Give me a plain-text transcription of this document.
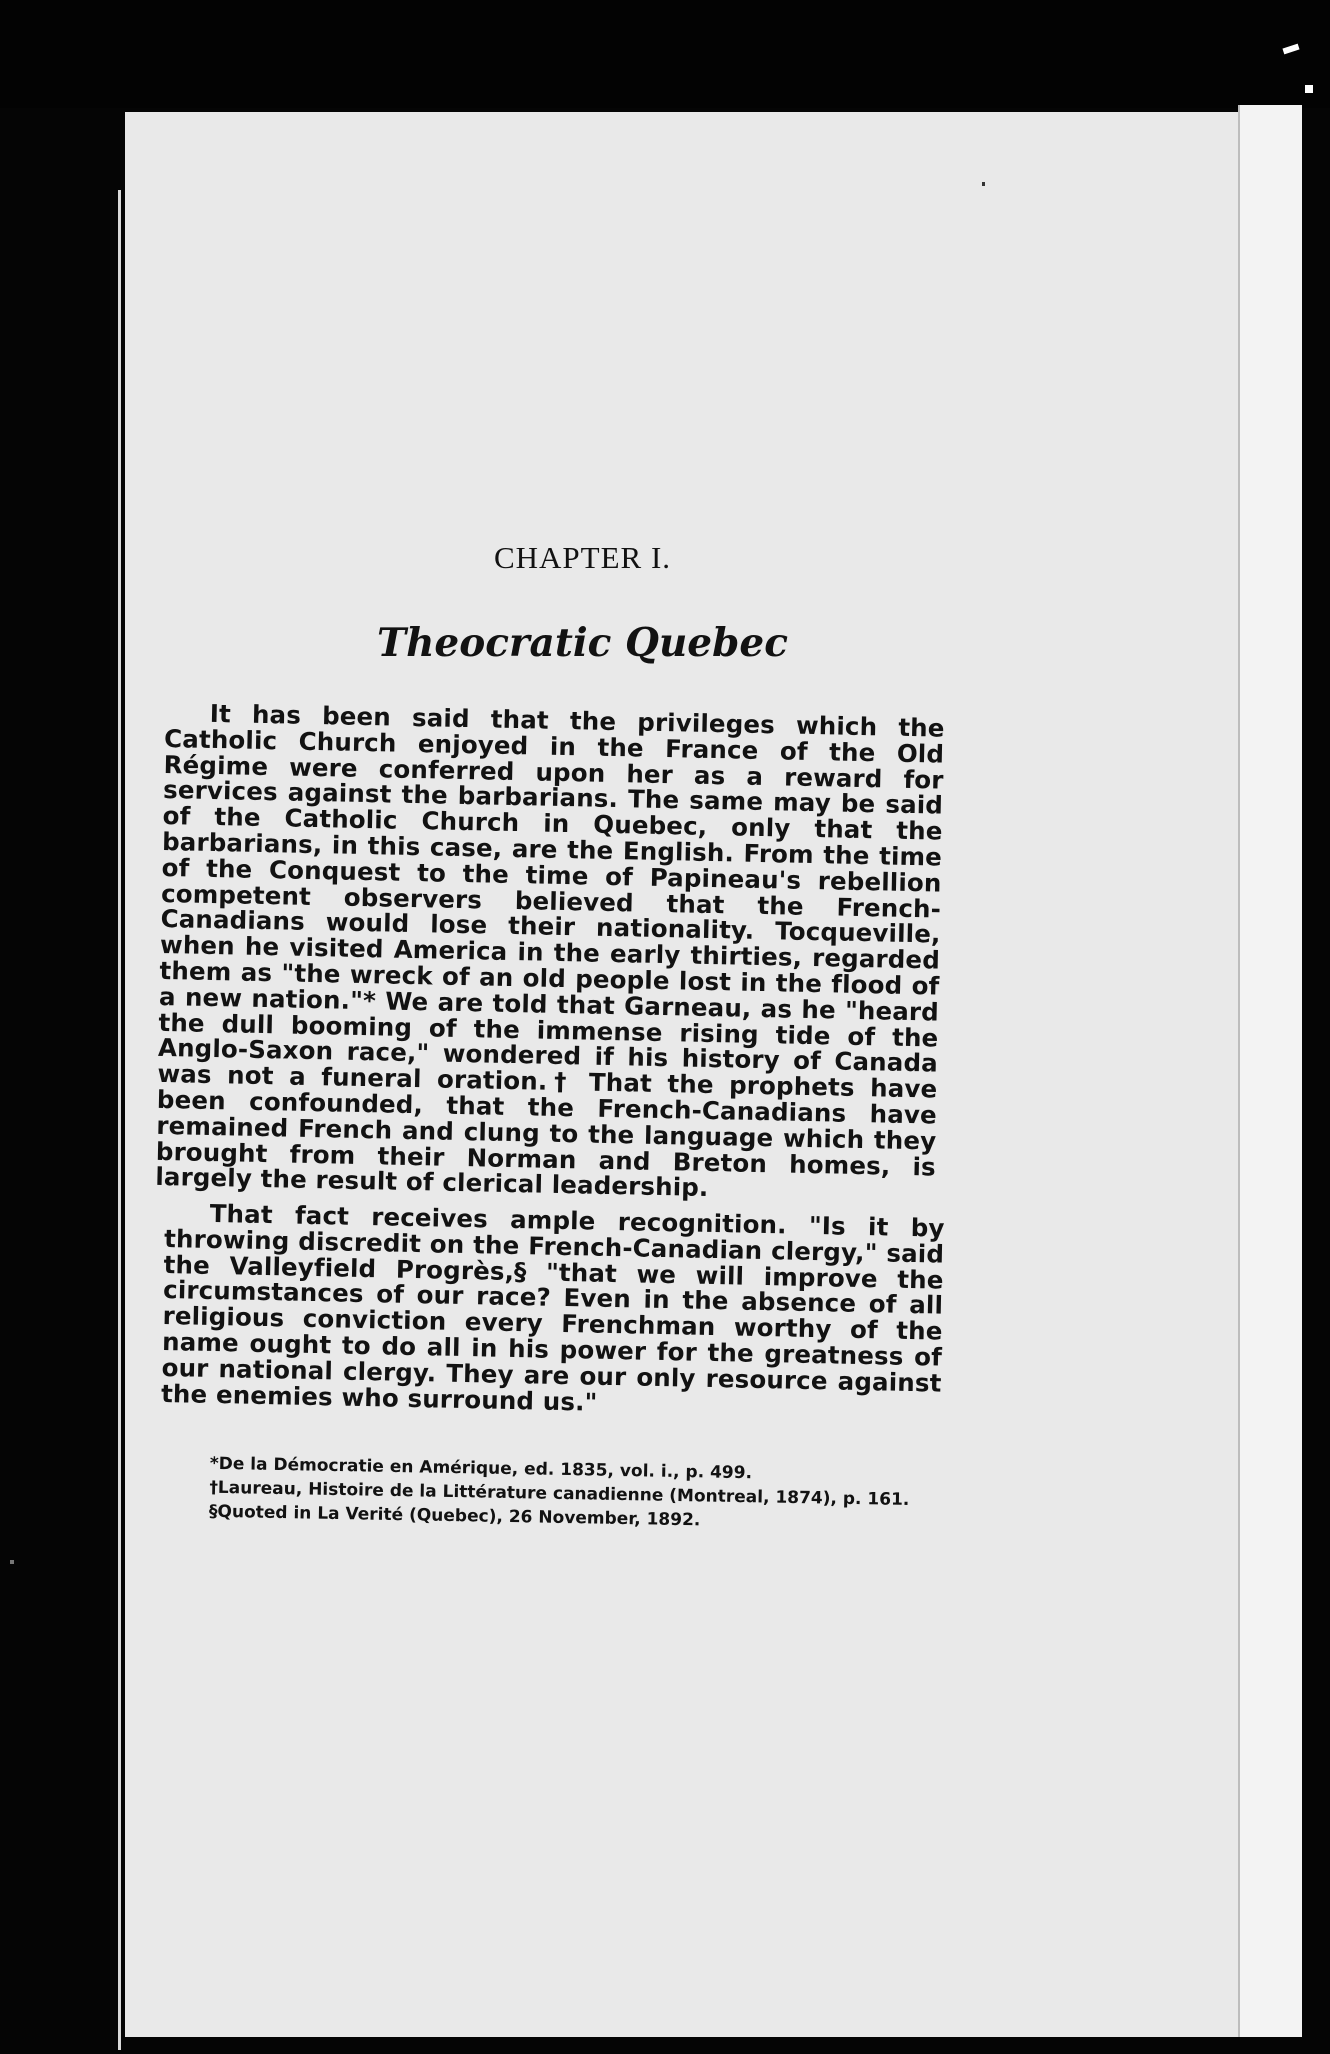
CHAPTER I.
Theocratic Quebec

It has been said that the privileges which the Catholic Church enjoyed in the France of the Old Régime were conferred upon her as a reward for services against the barbarians. The same may be said of the Catholic Church in Quebec, only that the barbarians, in this case, are the English. From the time of the Conquest to the time of Papineau's rebellion competent observers believed that the French-Canadians would lose their nationality. Tocqueville, when he visited America in the early thirties, regarded them as "the wreck of an old people lost in the flood of a new nation."* We are told that Garneau, as he "heard the dull booming of the immense rising tide of the Anglo-Saxon race," wondered if his history of Canada was not a funeral oration.† That the prophets have been confounded, that the French-Canadians have remained French and clung to the language which they brought from their Norman and Breton homes, is largely the result of clerical leadership.

That fact receives ample recognition. "Is it by throwing discredit on the French-Canadian clergy," said the Valleyfield Progrès,§ "that we will improve the circumstances of our race? Even in the absence of all religious conviction every Frenchman worthy of the name ought to do all in his power for the greatness of our national clergy. They are our only resource against the enemies who surround us."

*De la Démocratie en Amérique, ed. 1835, vol. i., p. 499.

†Laureau, Histoire de la Littérature canadienne (Montreal, 1874), p. 161.

§Quoted in La Verité (Quebec), 26 November, 1892.
